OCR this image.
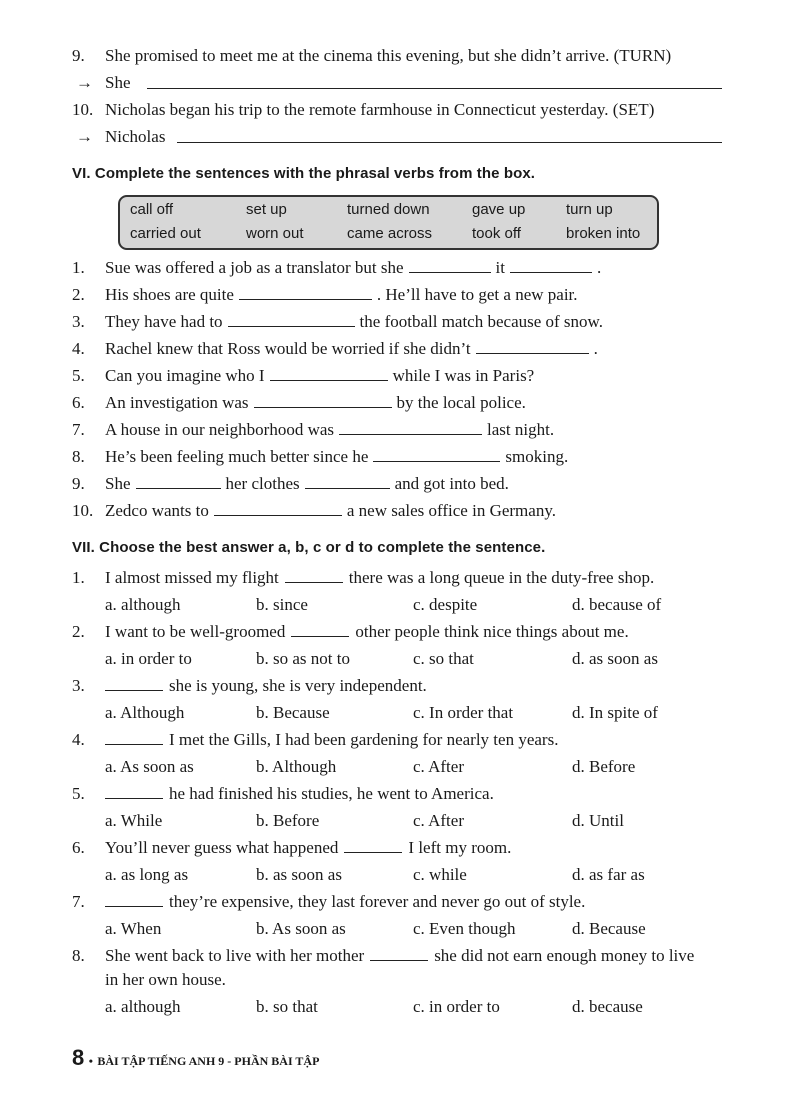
9.	She promised to meet me at the cinema this evening, but she didn’t arrive. (TURN)
→ She
10. Nicholas began his trip to the remote farmhouse in Connecticut yesterday. (SET)
→ Nicholas
VI. Complete the sentences with the phrasal verbs from the box.
call off	set up	turned down	gave up	turn up
carried out	worn out	came across	took off	broken into
1.	Sue was offered a job as a translator but she	it	.
2.	His shoes are quite	. He’ll have to get a new pair.
3.	They have had to	the football match because of snow.
4.	Rachel knew that Ross would be worried if she didn’t	.
5.	Can you imagine who I	while I was in Paris?
6.	An investigation was	by the local police.
7.	A house in our neighborhood was	last night.
8.	He’s been feeling much better since he	smoking.
9.	She	her clothes	and got into bed.
10. Zedco wants to	a new sales office in Germany.
VII. Choose the best answer a, b, c or d to complete the sentence.
1.	I almost missed my flight	there was a long queue in the duty-free shop.
a. although	b. since	c. despite	d. because of
2.	I want to be well-groomed	other people think nice things about me.
a. in order to	b. so as not to	c. so that	d. as soon as
3.	she is young, she is very independent.
a. Although	b. Because	c. In order that	d. In spite of
4.	I met the Gills, I had been gardening for nearly ten years.
a. As soon as	b. Although	c. After	d. Before
5.	he had finished his studies, he went to America.
a. While	b. Before	c. After	d. Until
6.	You’ll never guess what happened	I left my room.
a. as long as	b. as soon as	c. while	d. as far as
7.	they’re expensive, they last forever and never go out of style.
a. When	b. As soon as	c. Even though	d. Because
8.	She went back to live with her mother	she did not earn enough money to live
in her own house.
a. although	b. so that	c. in order to	d. because
8 • BÀI TẬP TIẾNG ANH 9 - PHẦN BÀI TẬP
